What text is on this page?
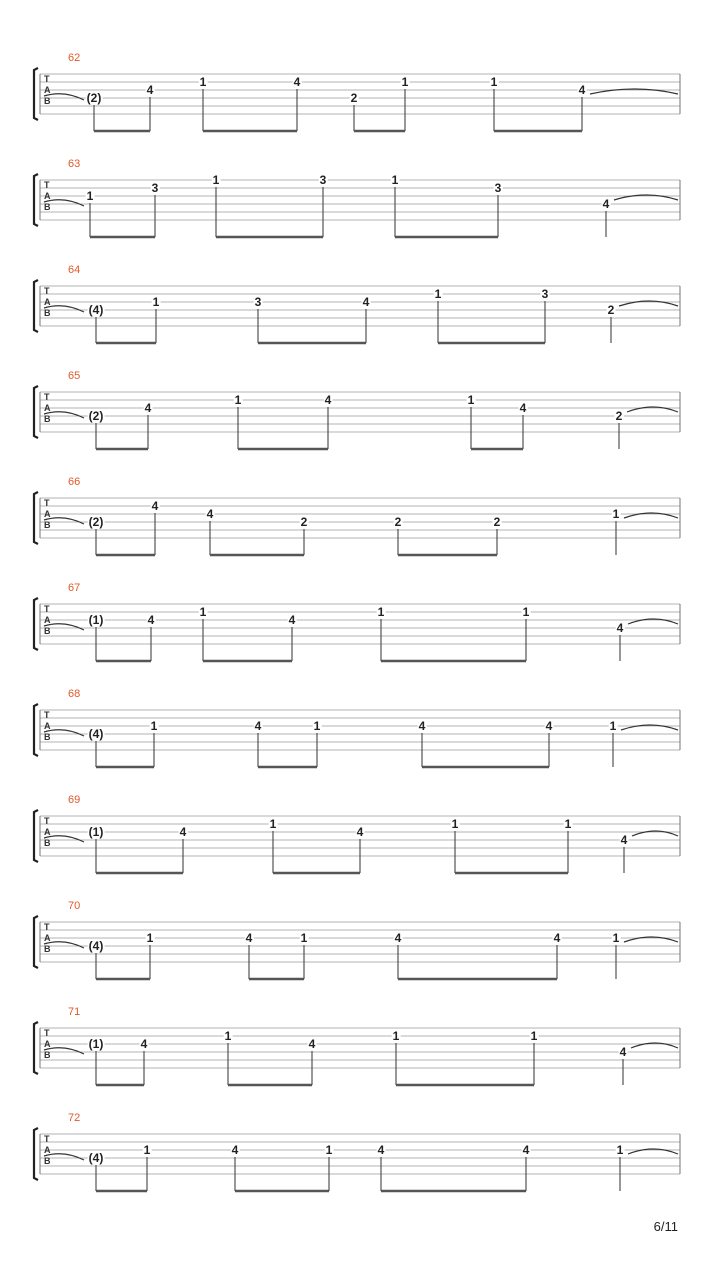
62
T
A
B	(2)
4
1	4
2
1	1
4
63
T
A
B
1
3
1	3	1
3
4
64
T
A
B	(4)
1	3	4
1	3
2
65
T
A
B	(2)
4
1	4	1
4
2
66
T
A
B	(2)
4
4
2	2	2
1
67
T
A
B
(1)	4
1
4
1	1
4
68
T
A
B	(4)
1	4	1	4	4	1
69
T
A
B
(1)	4
1
4
1	1
4
70
T
A
B	(4)
1	4	1	4	4	1
71
T
A
B
(1)	4
1
4
1	1
4
72
T
A
B	(4)
1	4	1	4	4	1
6/11
